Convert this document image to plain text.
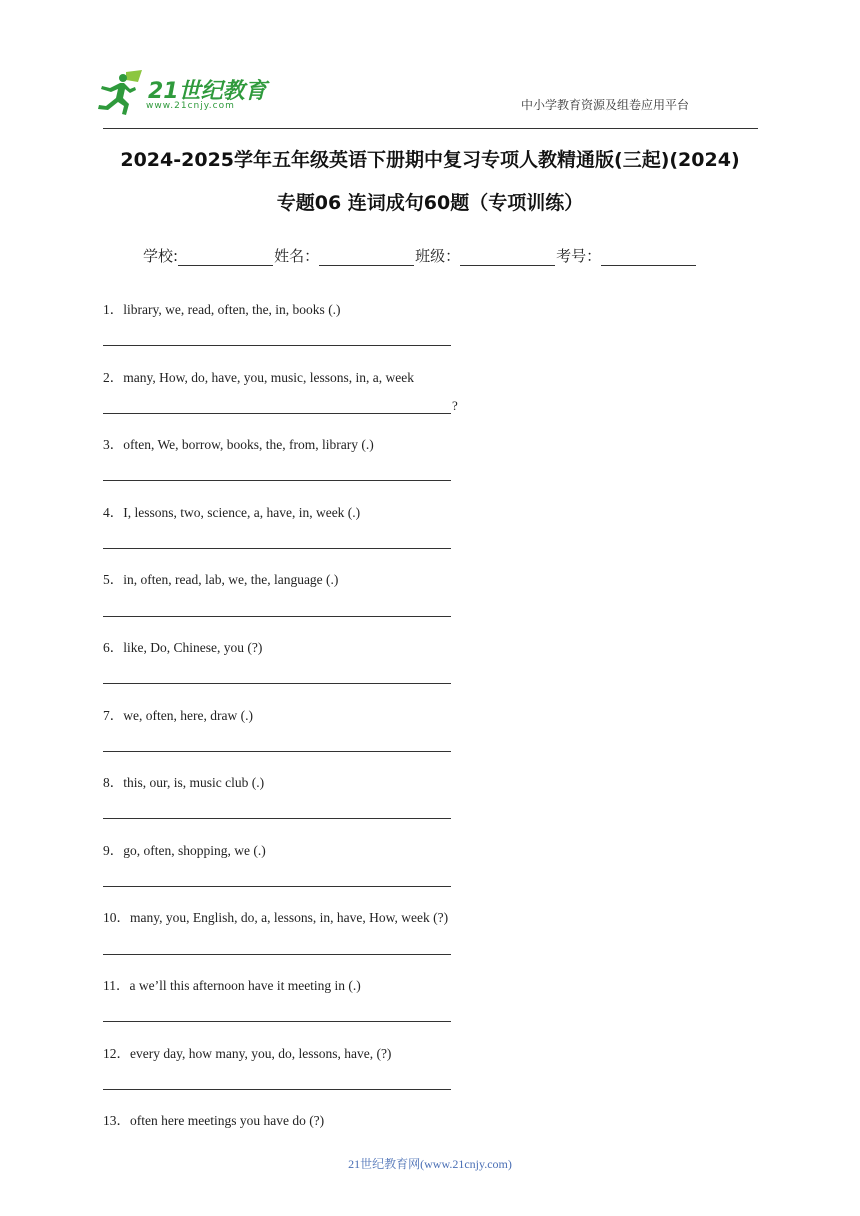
21世纪教育
www.21cnjy.com	中小学教育资源及组卷应用平台
2024-2025学年五年级英语下册期中复习专项人教精通版(三起)(2024)
专题06 连词成句60题（专项训练）
学校:	姓名：	班级：	考号：
1．library, we, read, often, the, in, books (.)
2．many, How, do, have, you, music, lessons, in, a, week
?
3．often, We, borrow, books, the, from, library (.)
4．I, lessons, two, science, a, have, in, week (.)
5．in, often, read, lab, we, the, language (.)
6．like, Do, Chinese, you (?)
7．we, often, here, draw (.)
8．this, our, is, music club (.)
9．go, often, shopping, we (.)
10．many, you, English, do, a, lessons, in, have, How, week (?)
11．a we’ll this afternoon have it meeting in (.)
12．every day, how many, you, do, lessons, have, (?)
13．often here meetings you have do (?)
21世纪教育网(www.21cnjy.com)
